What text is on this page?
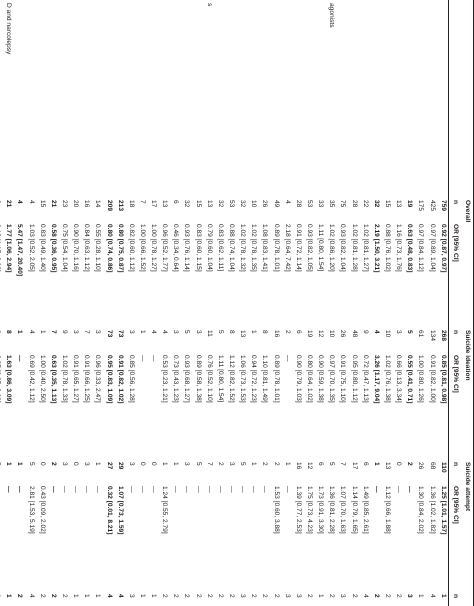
	Overall		Suicide ideation		Suicide attempt		
	n	OR [95% CI]	n	OR [95% CI]	n	OR [95% CI]	n
	759	0.92 [0.87, 0.97]	268	0.85 [0.81, 0.98]	110	1.25 [1.01, 1.57]	1
	425	0.97 [0.89, 1.04]	134	0.91 [0.82, 1.00]	68	1.36 [1.02, 1.82]	4
	175	0.97 [0.84, 1.12]	61	1.00 [0.80, 1.26]	26	1.30 [0.84, 2.02]	1
	19	0.63 [0.48, 0.83]	5	0.55 [0.41, 0.71]	2	—	3
	13	1.16 [0.73, 1.76]	3	0.66 [0.13, 3.34]	0	—	2
	15	0.88 [0.76, 1.02]	10	1.02 [0.76, 1.38]	13	1.12 [0.66, 1.88]	2
	32	2.19 [1.50, 3.21]	4	3.26 [1.17, 9.04]	1	—	2
	22	1.02 [0.81, 1.27]	9	0.72 [0.47, 1.13]	6	1.49 [0.85, 2.61]	4
	28	1.02 [0.81, 1.28]	48	0.95 [0.80, 1.12]	17	1.14 [0.79, 1.65]	2
	75	0.93 [0.82, 1.04]	26	0.91 [0.75, 1.10]	7	1.07 [0.70, 1.63]	3
agonists	35	1.02 [0.86, 1.20]	10	0.97 [0.70, 1.35]	5	1.36 [0.81, 2.28]	2
	33	1.11 [0.80, 1.54]	12	0.90 [0.59, 1.38]	6	1.73 [0.91, 3.30]	1
	53	0.93 [0.82, 1.05]	19	0.80 [0.64, 1.02]	12	1.75 [0.73, 4.23]	2
	28	0.91 [0.72, 1.14]	6	0.90 [0.79, 1.03]	16	1.39 [0.77, 2.53]	3
	4	2.18 [0.64, 7.42]	2	—	1	—	3
	49	0.89 [0.78, 1.01]	16	0.89 [0.78, 1.01]	2	1.53 [0.60, 3.88]	2
	26	1.08 [0.83, 1.41]	8	1.10 [0.81, 1.49]	2	—	2
	10	1.02 [0.78, 1.35]	1	0.94 [0.72, 1.23]	1	—	2
	32	1.02 [0.78, 1.32]	13	1.06 [0.73, 1.53]	5	—	3
	53	0.88 [0.74, 1.04]	8	1.12 [0.82, 1.52]	3	—	2
	32	0.83 [0.62, 1.11]	5	1.11 [0.80, 1.54]	2	—	2
s	13	0.79 [0.60, 1.04]	11	0.76 [0.52, 1.10]	7	—	2
	15	0.83 [0.60, 1.15]	3	0.89 [0.58, 1.38]	5	—	2
	32	0.93 [0.76, 1.14]	5	0.93 [0.68, 1.27]	3	—	2
	6	0.46 [0.34, 0.64]	3	0.73 [0.43, 1.23]	1	—	2
	13	0.96 [0.52, 1.77]	4	0.53 [0.23, 1.21]	1	1.24 [0.55, 2.79]	2
	17	1.00 [0.78, 1.27]	4	—	0	—	1
	7	1.00 [0.66, 1.52]	1	—	0	—	1
	18	0.82 [0.60, 1.12]	3	0.85 [0.56, 1.28]	3	—	3
	213	0.80 [0.75, 0.87]	73	0.91 [0.82, 1.02]	29	1.07 [0.73, 1.59]	4
	209	0.80 [0.74, 0.86]	73	0.95 [0.83, 1.09]	27	0.32 [0.01, 8.21]	4
	14	0.55 [0.28, 1.10]	3	0.96 [0.33, 2.47]	1	—	1
	16	0.84 [0.63, 1.12]	7	0.91 [0.66, 1.25]	3	—	1
	20	0.90 [0.70, 1.16]	3	0.91 [0.65, 1.27]	0	—	1
	23	0.75 [0.54, 1.04]	9	1.02 [0.78, 1.33]	3	—	2
	21	0.58 [0.36, 0.95]	7	0.63 [0.35, 1.13]	2	—	2
	15	0.83 [0.49, 1.40]	1	1.00 [0.40, 2.50]	0	0.43 [0.09, 2.02]	2
	4	1.03 [0.52, 2.05]	4	0.69 [0.42, 1.12]	5	2.81 [1.53, 5.19]	4
	4	5.47 [1.47, 20.40]	1	—	1	—	2
D and narcolepsy	21	1.77 [1.06, 2.94]	8	1.63 [0.86, 3.09]	1	—	1
